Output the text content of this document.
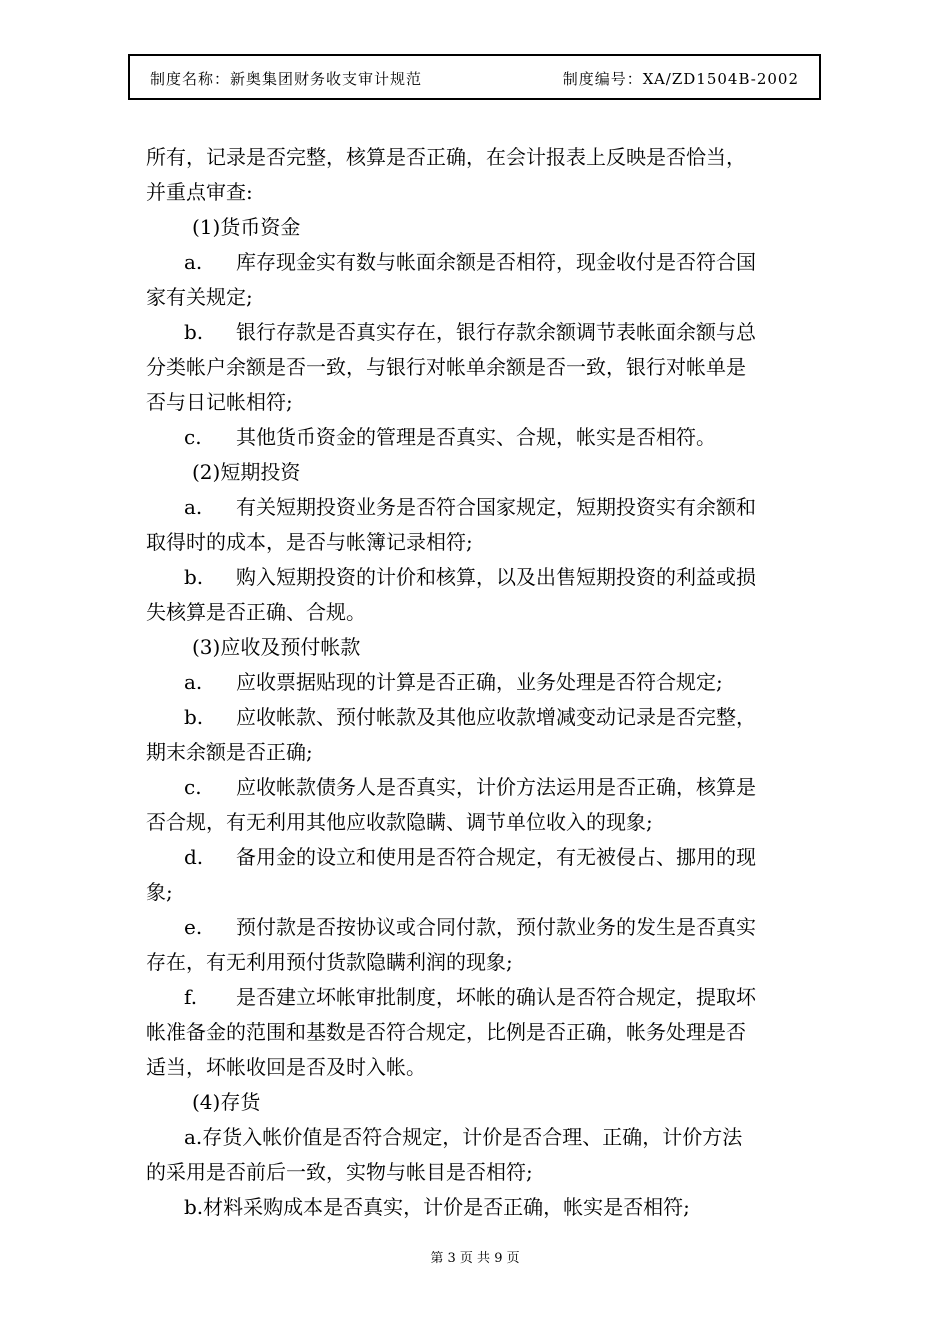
制度名称：新奥集团财务收支审计规范	制度编号：XA/ZD1504B-2002
所有，记录是否完整，核算是否正确，在会计报表上反映是否恰当，
并重点审查:
(1)货币资金
a. 库存现金实有数与帐面余额是否相符，现金收付是否符合国
家有关规定;
b. 银行存款是否真实存在，银行存款余额调节表帐面余额与总
分类帐户余额是否一致，与银行对帐单余额是否一致，银行对帐单是
否与日记帐相符;
c. 其他货币资金的管理是否真实、合规，帐实是否相符。
(2)短期投资
a. 有关短期投资业务是否符合国家规定，短期投资实有余额和
取得时的成本，是否与帐簿记录相符;
b. 购入短期投资的计价和核算，以及出售短期投资的利益或损
失核算是否正确、合规。
(3)应收及预付帐款
a. 应收票据贴现的计算是否正确，业务处理是否符合规定;
b. 应收帐款、预付帐款及其他应收款增减变动记录是否完整，
期末余额是否正确;
c. 应收帐款债务人是否真实，计价方法运用是否正确，核算是
否合规，有无利用其他应收款隐瞒、调节单位收入的现象;
d. 备用金的设立和使用是否符合规定，有无被侵占、挪用的现
象;
e. 预付款是否按协议或合同付款，预付款业务的发生是否真实
存在，有无利用预付货款隐瞒利润的现象;
f. 是否建立坏帐审批制度，坏帐的确认是否符合规定，提取坏
帐准备金的范围和基数是否符合规定，比例是否正确，帐务处理是否
适当，坏帐收回是否及时入帐。
(4)存货
a.存货入帐价值是否符合规定，计价是否合理、正确，计价方法
的采用是否前后一致，实物与帐目是否相符;
b.材料采购成本是否真实，计价是否正确，帐实是否相符;
第 3 页 共 9 页
